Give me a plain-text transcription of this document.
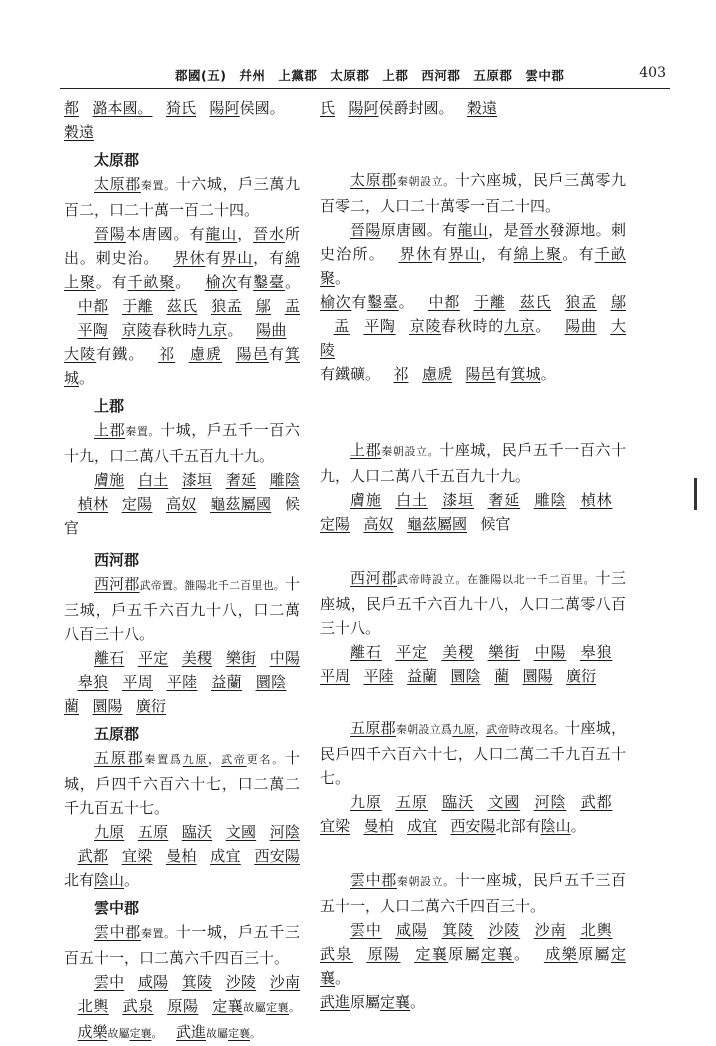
郡國(五)　幷州　上黨郡　太原郡　上郡　西河郡　五原郡　雲中郡	403

都 潞本國。 猗氏 陽阿侯國。
穀遠

太原郡

太原郡秦置。十六城，戶三萬九百二，口二十萬一百二十四。

晉陽本唐國。有龍山，晉水所出。刺史治。 界休有界山，有綿上聚。有千畝聚。 榆次有鑿臺。中都 于離 茲氏 狼孟 鄔 盂平陶 京陵春秋時九京。 陽曲大陵有鐵。 祁 慮虒 陽邑有箕城。

上郡

上郡秦置。十城，戶五千一百六十九，口二萬八千五百九十九。

膚施 白土 漆垣 奢延 雕陰楨林 定陽 高奴 龜茲屬國 候官

西河郡

西河郡武帝置。雒陽北千二百里也。十三城，戶五千六百九十八，口二萬八百三十八。

離石 平定 美稷 樂街 中陽皋狼 平周 平陸 益蘭 圜陰藺 圜陽 廣衍

五原郡

五原郡秦置爲九原，武帝更名。十城，戶四千六百六十七，口二萬二千九百五十七。

九原 五原 臨沃 文國 河陰武都 宜梁 曼柏 成宜 西安陽北有陰山。

雲中郡

雲中郡秦置。十一城，戶五千三百五十一，口二萬六千四百三十。

雲中 咸陽 箕陵 沙陵 沙南北輿 武泉 原陽 定襄故屬定襄。成樂故屬定襄。 武進故屬定襄。

氏 陽阿侯爵封國。 穀遠

太原郡秦朝設立。十六座城，民戶三萬零九百零二，人口二十萬零一百二十四。

晉陽原唐國。有龍山，是晉水發源地。刺史治所。 界休有界山，有綿上聚。有千畝聚。
榆次有鑿臺。 中都 于離 茲氏 狼孟 鄔盂 平陶 京陵春秋時的九京。 陽曲 大陵
有鐵礦。 祁 慮虒 陽邑有箕城。

上郡秦朝設立。十座城，民戶五千一百六十九，人口二萬八千五百九十九。

膚施 白土 漆垣 奢延 雕陰 楨林定陽 高奴 龜茲屬國 候官

西河郡武帝時設立。在雒陽以北一千二百里。十三座城，民戶五千六百九十八，人口二萬零八百三十八。

離石 平定 美稷 樂街 中陽 皋狼平周 平陸 益蘭 圜陰 藺 圜陽 廣衍

五原郡秦朝設立爲九原，武帝時改現名。十座城，民戶四千六百六十七，人口二萬二千九百五十七。

九原 五原 臨沃 文國 河陰 武都宜梁 曼柏 成宜 西安陽北部有陰山。

雲中郡秦朝設立。十一座城，民戶五千三百五十一，人口二萬六千四百三十。

雲中 咸陽 箕陵 沙陵 沙南 北輿武泉 原陽 定襄原屬定襄。 成樂原屬定襄。
武進原屬定襄。
